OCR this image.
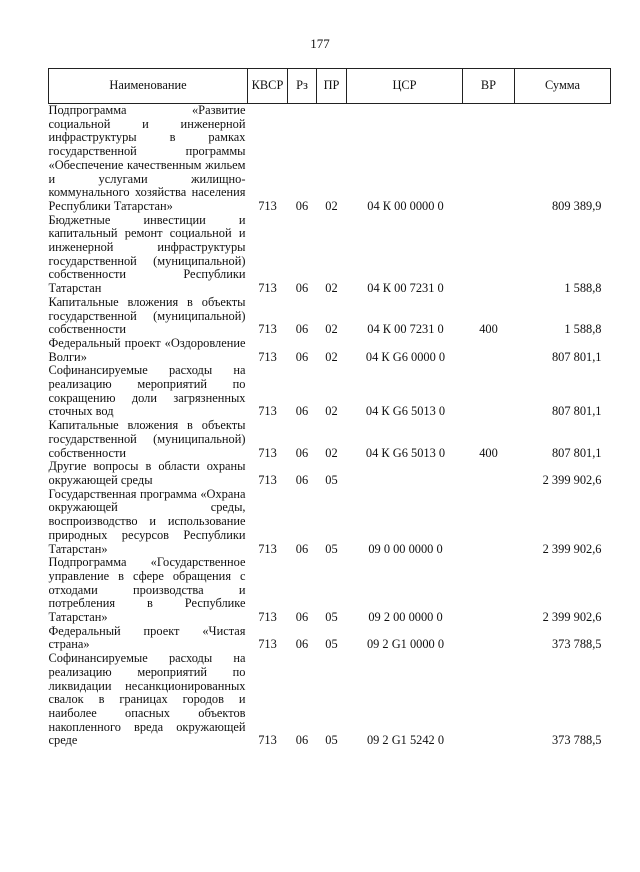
177
Наименование	КВСР	Рз	ПР	ЦСР	ВР	Сумма
Подпрограмма «Развитие социальной и инженерной инфраструктуры в рамках государственной программы «Обеспечение качественным жильем и услугами жилищно-коммунального хозяйства населения Республики Татарстан»	713	06	02	04 К 00 0000 0		809 389,9
Бюджетные инвестиции и капитальный ремонт социальной и инженерной инфраструктуры государственной (муниципальной) собственности Республики Татарстан	713	06	02	04 К 00 7231 0		1 588,8
Капитальные вложения в объекты государственной (муниципальной) собственности	713	06	02	04 К 00 7231 0	400	1 588,8
Федеральный проект «Оздоровление Волги»	713	06	02	04 К G6 0000 0		807 801,1
Софинансируемые расходы на реализацию мероприятий по сокращению доли загрязненных сточных вод	713	06	02	04 К G6 5013 0		807 801,1
Капитальные вложения в объекты государственной (муниципальной) собственности	713	06	02	04 К G6 5013 0	400	807 801,1
Другие вопросы в области охраны окружающей среды	713	06	05			2 399 902,6
Государственная программа «Охрана окружающей среды, воспроизводство и использование природных ресурсов Республики Татарстан»	713	06	05	09 0 00 0000 0		2 399 902,6
Подпрограмма «Государственное управление в сфере обращения с отходами производства и потребления в Республике Татарстан»	713	06	05	09 2 00 0000 0		2 399 902,6
Федеральный проект «Чистая страна»	713	06	05	09 2 G1 0000 0		373 788,5
Софинансируемые расходы на реализацию мероприятий по ликвидации несанкционированных свалок в границах городов и наиболее опасных объектов накопленного вреда окружающей среде	713	06	05	09 2 G1 5242 0		373 788,5
